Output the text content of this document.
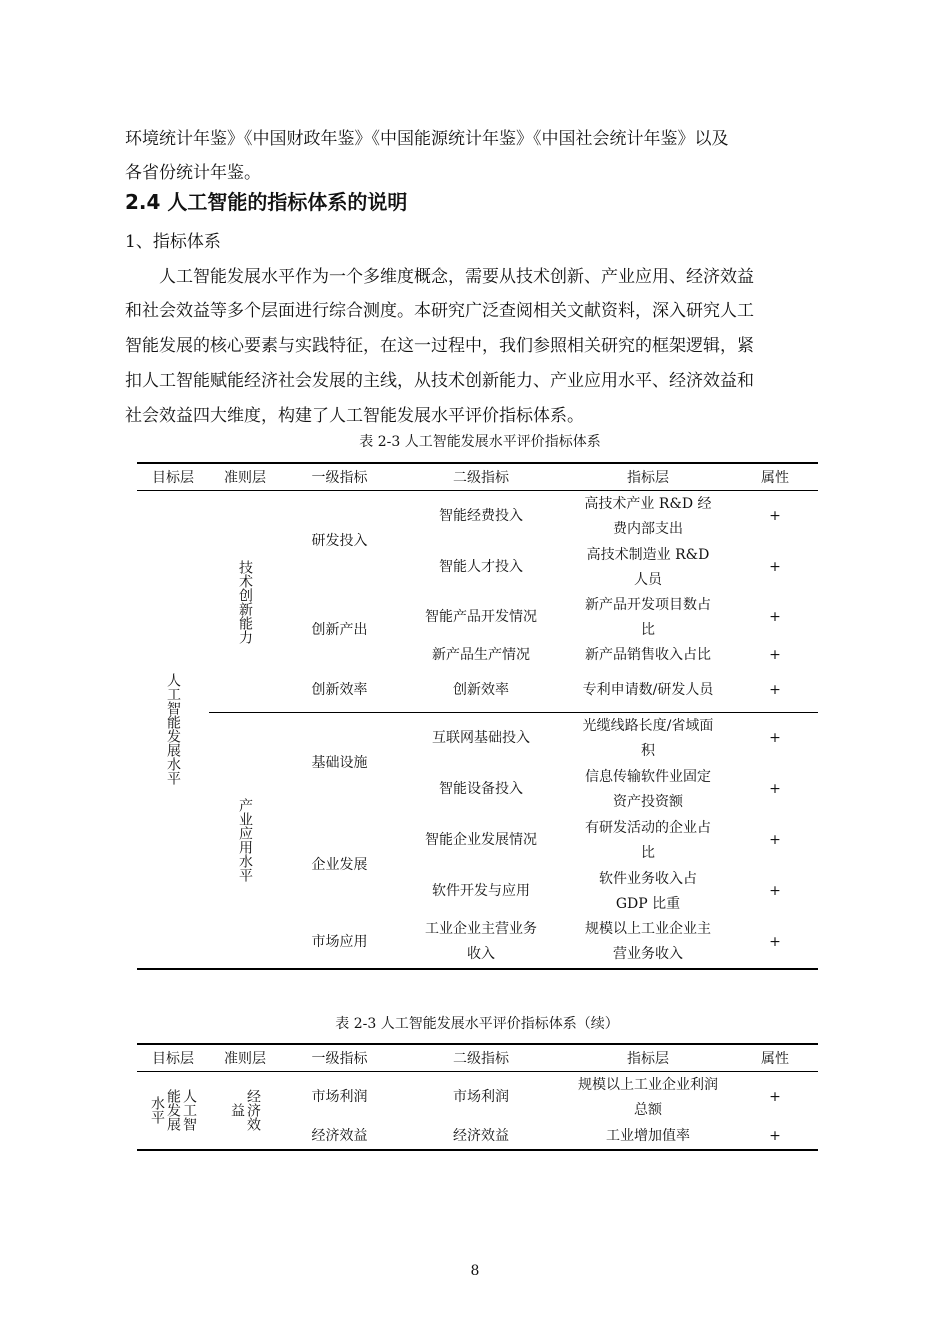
环境统计年鉴》《中国财政年鉴》《中国能源统计年鉴》《中国社会统计年鉴》以及
各省份统计年鉴。
2.4 人工智能的指标体系的说明
1、指标体系
人工智能发展水平作为一个多维度概念，需要从技术创新、产业应用、经济效益
和社会效益等多个层面进行综合测度。本研究广泛查阅相关文献资料，深入研究人工
智能发展的核心要素与实践特征，在这一过程中，我们参照相关研究的框架逻辑，紧
扣人工智能赋能经济社会发展的主线，从技术创新能力、产业应用水平、经济效益和
社会效益四大维度，构建了人工智能发展水平评价指标体系。
表 2-3 人工智能发展水平评价指标体系
目标层	准则层	一级指标	二级指标	指标层	属性

人工智能发展水平	技术创新能力	研发投入	智能经费投入	高技术产业 R&D 经费内部支出	+
			智能人才投入	高技术制造业 R&D 人员	+
		创新产出	智能产品开发情况	新产品开发项目数占比	+
			新产品生产情况	新产品销售收入占比	+
		创新效率	创新效率	专利申请数/研发人员	+

	产业应用水平	基础设施	互联网基础投入	光缆线路长度/省域面积	+
			智能设备投入	信息传输软件业固定资产投资额	+
		企业发展	智能企业发展情况	有研发活动的企业占比	+
			软件开发与应用	软件业务收入占 GDP 比重	+
		市场应用	工业企业主营业务收入	规模以上工业企业主营业务收入	+
表 2-3 人工智能发展水平评价指标体系（续）
目标层	准则层	一级指标	二级指标	指标层	属性

人工智能发展水平	经济效益	市场利润	市场利润	规模以上工业企业利润总额	+
		经济效益	经济效益	工业增加值率	+
8
